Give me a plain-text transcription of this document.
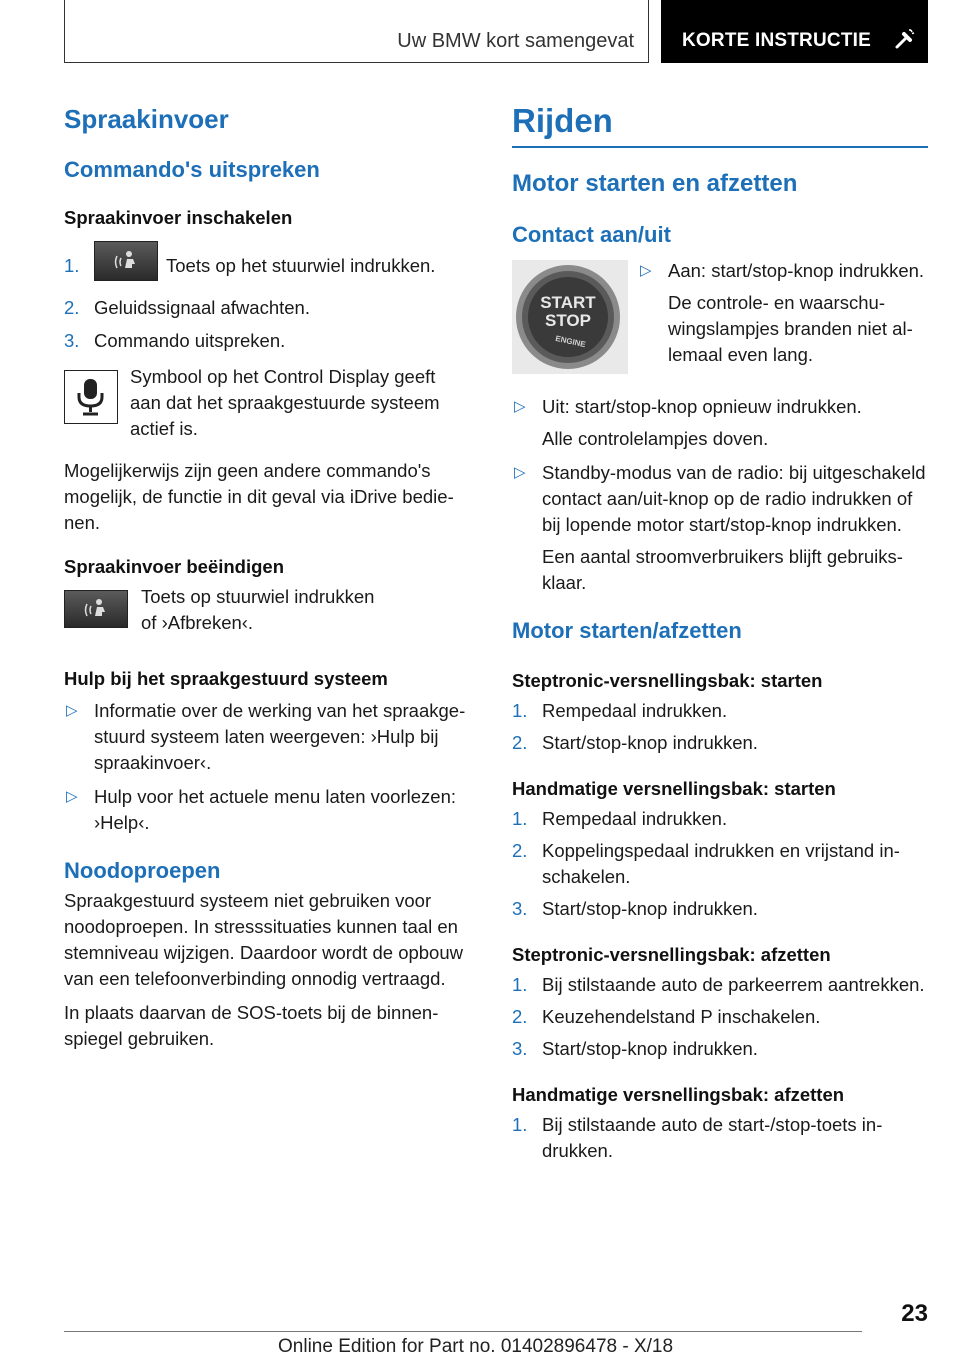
Uw BMW kort samengevat	KORTE INSTRUCTIE
Spraakinvoer
Commando's uitspreken
Spraakinvoer inschakelen
1.	Toets op het stuurwiel indrukken.
2. Geluidssignaal afwachten.
3. Commando uitspreken.

Symbool op het Control Display geeft aan dat het spraakgestuurde systeem actief is.

Mogelijkerwijs zijn geen andere commando's mogelijk, de functie in dit geval via iDrive bedienen.

Spraakinvoer beëindigen

Toets op stuurwiel indrukken

of ›Afbreken‹.

Hulp bij het spraakgestuurd systeem
▷ Informatie over de werking van het spraakgestuurd systeem laten weergeven: ›Hulp bij spraakinvoer‹.
▷ Hulp voor het actuele menu laten voorlezen: ›Help‹.
Noodoproepen

Spraakgestuurd systeem niet gebruiken voor noodoproepen. In stresssituaties kunnen taal en stemniveau wijzigen. Daardoor wordt de opbouw van een telefoonverbinding onnodig vertraagd.

In plaats daarvan de SOS-toets bij de binnenspiegel gebruiken.

Rijden
Motor starten en afzetten
Contact aan/uit
START
STOP
ENGINE
▷ Aan: start/stop-knop indrukken.

De controle- en waarschuwingslampjes branden niet allemaal even lang.

▷ Uit: start/stop-knop opnieuw indrukken.

Alle controlelampjes doven.

▷ Standby-modus van de radio: bij uitgeschakeld contact aan/uit-knop op de radio indrukken of bij lopende motor start/stop-knop indrukken.

Een aantal stroomverbruikers blijft gebruiksklaar.

Motor starten/afzetten
Steptronic-versnellingsbak: starten
1. Rempedaal indrukken.
2. Start/stop-knop indrukken.
Handmatige versnellingsbak: starten
1. Rempedaal indrukken.
2. Koppelingspedaal indrukken en vrijstand inschakelen.
3. Start/stop-knop indrukken.
Steptronic-versnellingsbak: afzetten
1. Bij stilstaande auto de parkeerrem aantrekken.
2. Keuzehendelstand P inschakelen.
3. Start/stop-knop indrukken.
Handmatige versnellingsbak: afzetten
1. Bij stilstaande auto de start-/stop-toets indrukken.
23
Online Edition for Part no. 01402896478 - X/18
